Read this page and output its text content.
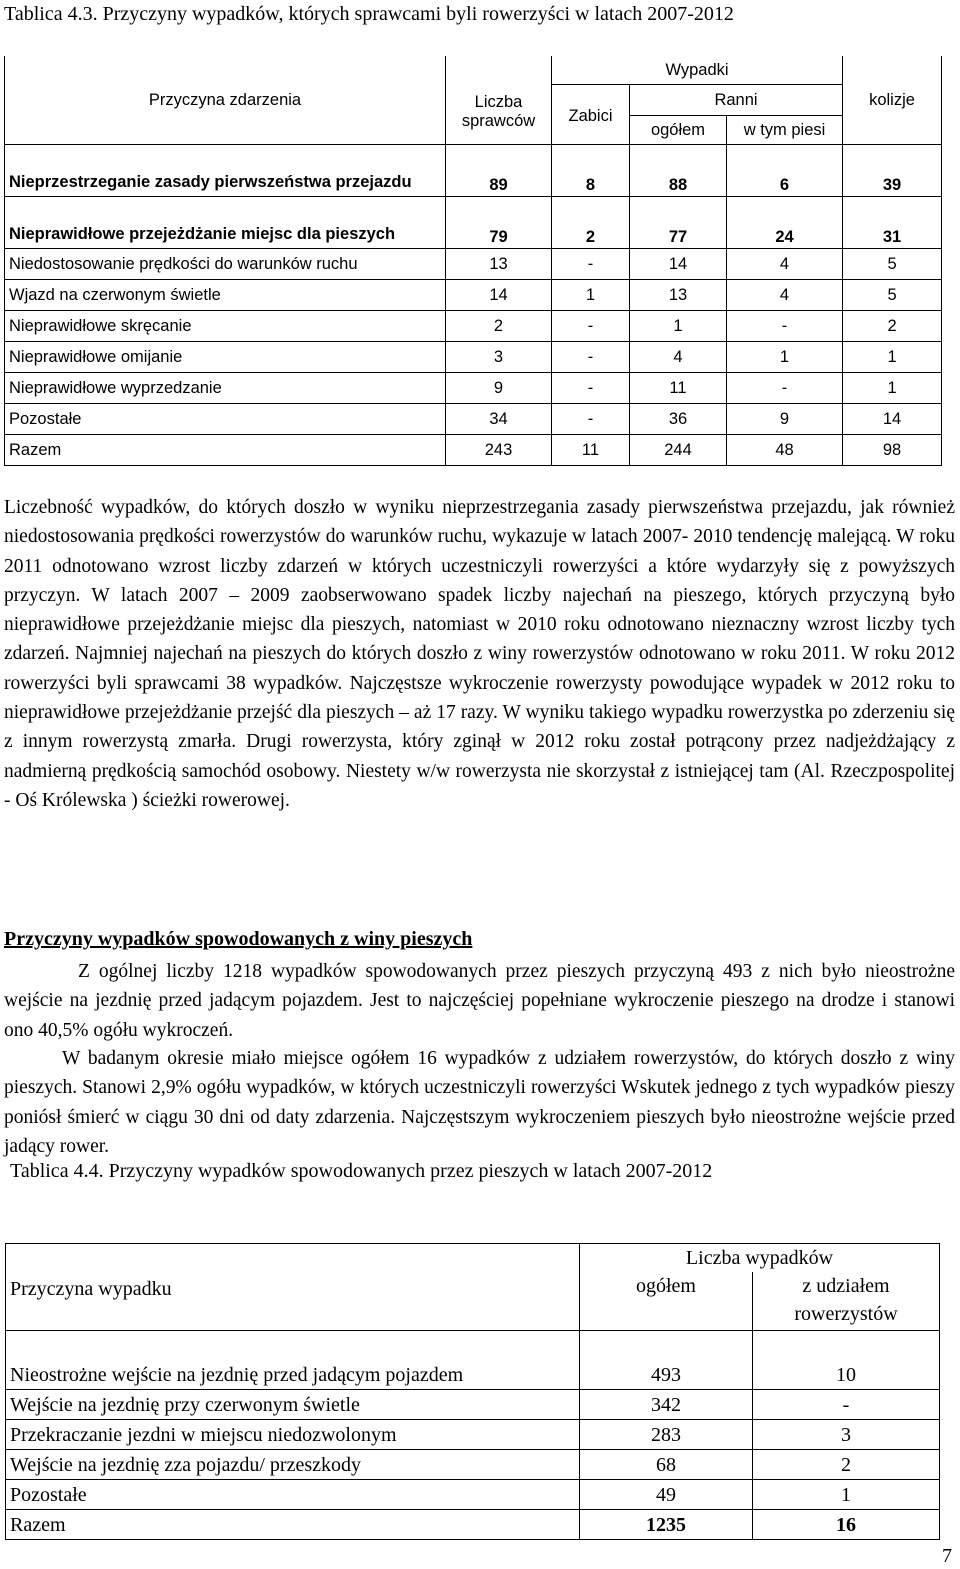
Tablica 4.3. Przyczyny wypadków, których sprawcami byli rowerzyści w latach 2007-2012
Przyczyna zdarzenia	Liczba sprawców	Wypadki			kolizje
		Zabici	Ranni		
			ogółem	w tym piesi	
Nieprzestrzeganie zasady pierwszeństwa przejazdu	89	8	88	6	39
Nieprawidłowe przejeżdżanie miejsc dla pieszych	79	2	77	24	31
Niedostosowanie prędkości do warunków ruchu	13	-	14	4	5
Wjazd na czerwonym świetle	14	1	13	4	5
Nieprawidłowe skręcanie	2	-	1	-	2
Nieprawidłowe omijanie	3	-	4	1	1
Nieprawidłowe wyprzedzanie	9	-	11	-	1
Pozostałe	34	-	36	9	14
Razem	243	11	244	48	98
Liczebność wypadków, do których doszło w wyniku nieprzestrzegania zasady pierwszeństwa przejazdu, jak również niedostosowania prędkości rowerzystów do warunków ruchu, wykazuje w latach 2007- 2010 tendencję malejącą. W roku 2011 odnotowano wzrost liczby zdarzeń w których uczestniczyli rowerzyści a które wydarzyły się z powyższych przyczyn. W latach 2007 – 2009 zaobserwowano spadek liczby najechań na pieszego, których przyczyną było nieprawidłowe przejeżdżanie miejsc dla pieszych, natomiast w 2010 roku odnotowano nieznaczny wzrost liczby tych zdarzeń. Najmniej najechań na pieszych do których doszło z winy rowerzystów odnotowano w roku 2011. W roku 2012 rowerzyści byli sprawcami 38 wypadków. Najczęstsze wykroczenie rowerzysty powodujące wypadek w 2012 roku to nieprawidłowe przejeżdżanie przejść dla pieszych – aż 17 razy. W wyniku takiego wypadku rowerzystka po zderzeniu się z innym rowerzystą zmarła. Drugi rowerzysta, który zginął w 2012 roku został potrącony przez nadjeżdżający z nadmierną prędkością samochód osobowy. Niestety w/w rowerzysta nie skorzystał z istniejącej tam (Al. Rzeczpospolitej - Oś Królewska ) ścieżki rowerowej.
Przyczyny wypadków spowodowanych z winy pieszych
Z ogólnej liczby 1218 wypadków spowodowanych przez pieszych przyczyną 493 z nich było nieostrożne wejście na jezdnię przed jadącym pojazdem. Jest to najczęściej popełniane wykroczenie pieszego na drodze i stanowi ono 40,5% ogółu wykroczeń.
W badanym okresie miało miejsce ogółem 16 wypadków z udziałem rowerzystów, do których doszło z winy pieszych. Stanowi 2,9% ogółu wypadków, w których uczestniczyli rowerzyści Wskutek jednego z tych wypadków pieszy poniósł śmierć w ciągu 30 dni od daty zdarzenia. Najczęstszym wykroczeniem pieszych było nieostrożne wejście przed jadący rower.
Tablica 4.4. Przyczyny wypadków spowodowanych przez pieszych w latach 2007-2012
Przyczyna wypadku	Liczba wypadków	
	ogółem	z udziałem rowerzystów
Nieostrożne wejście na jezdnię przed jadącym pojazdem	493	10
Wejście na jezdnię przy czerwonym świetle	342	-
Przekraczanie jezdni w miejscu niedozwolonym	283	3
Wejście na jezdnię zza pojazdu/ przeszkody	68	2
Pozostałe	49	1
Razem	1235	16
7
